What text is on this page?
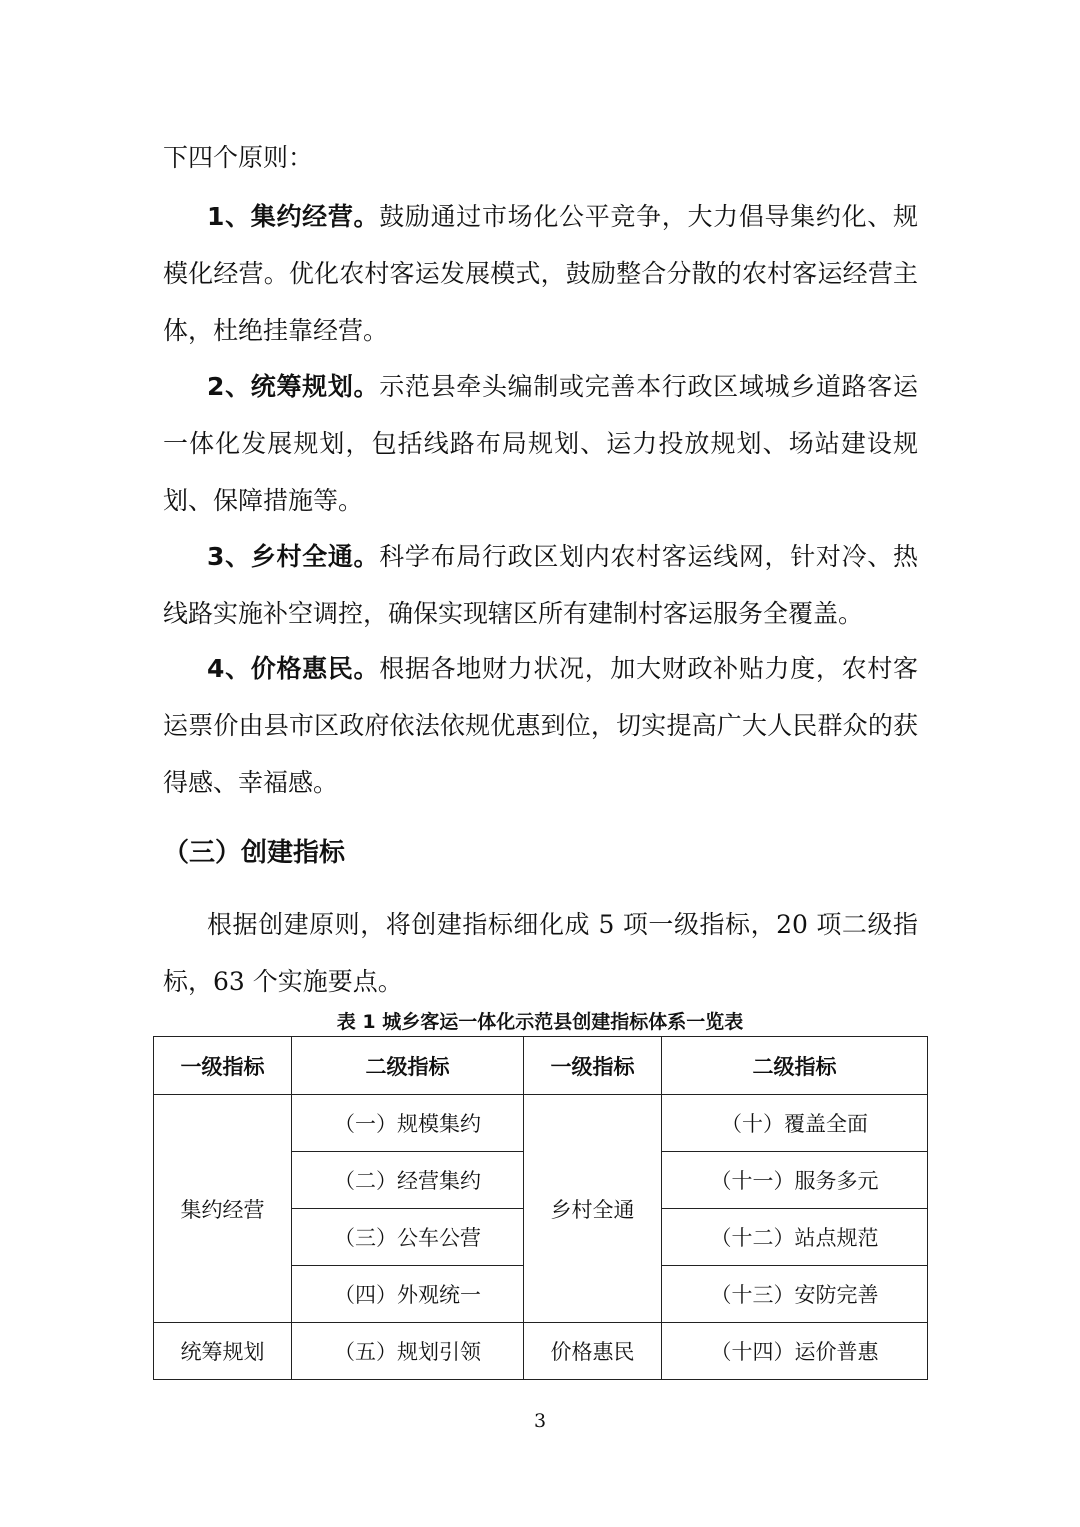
下四个原则：

1、集约经营。鼓励通过市场化公平竞争，大力倡导集约化、规模化经营。优化农村客运发展模式，鼓励整合分散的农村客运经营主体，杜绝挂靠经营。

2、统筹规划。示范县牵头编制或完善本行政区域城乡道路客运一体化发展规划，包括线路布局规划、运力投放规划、场站建设规划、保障措施等。

3、乡村全通。科学布局行政区划内农村客运线网，针对冷、热线路实施补空调控，确保实现辖区所有建制村客运服务全覆盖。

4、价格惠民。根据各地财力状况，加大财政补贴力度，农村客运票价由县市区政府依法依规优惠到位，切实提高广大人民群众的获得感、幸福感。

（三）创建指标

根据创建原则，将创建指标细化成 5 项一级指标，20 项二级指标，63 个实施要点。

表 1 城乡客运一体化示范县创建指标体系一览表

一级指标	二级指标	一级指标	二级指标
集约经营	（一）规模集约	乡村全通	（十）覆盖全面
	（二）经营集约		（十一）服务多元
	（三）公车公营		（十二）站点规范
	（四）外观统一		（十三）安防完善
统筹规划	（五）规划引领	价格惠民	（十四）运价普惠

3
